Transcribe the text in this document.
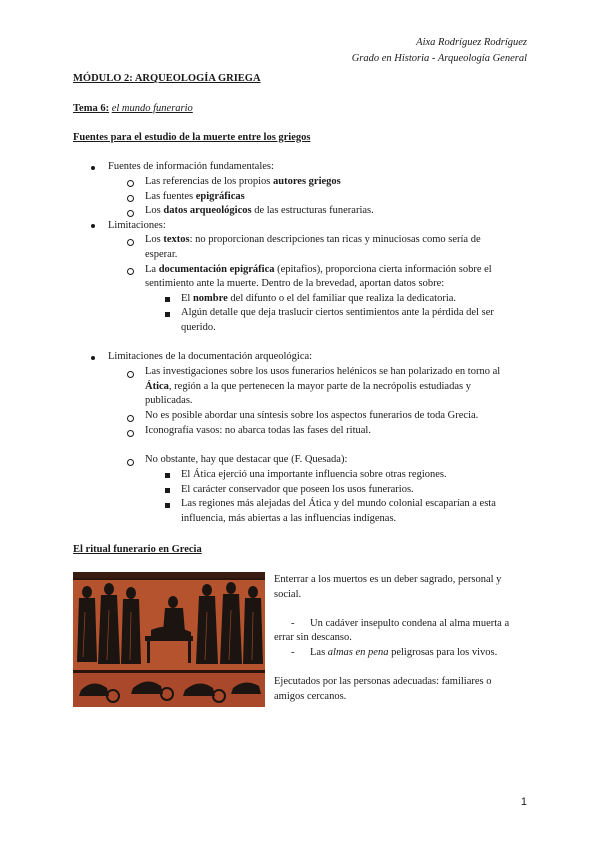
Aixa Rodríguez Rodríguez
Grado en Historia - Arqueología General
MÓDULO 2: ARQUEOLOGÍA GRIEGA
Tema 6: el mundo funerario
Fuentes para el estudio de la muerte entre los griegos
Fuentes de información fundamentales:
Las referencias de los propios autores griegos
Las fuentes epigráficas
Los datos arqueológicos de las estructuras funerarias.
Limitaciones:
Los textos: no proporcionan descripciones tan ricas y minuciosas como sería de
esperar.
La documentación epigráfica (epitafios), proporciona cierta información sobre el
sentimiento ante la muerte. Dentro de la brevedad, aportan datos sobre:
El nombre del difunto o el del familiar que realiza la dedicatoria.
Algún detalle que deja traslucir ciertos sentimientos ante la pérdida del ser
querido.
Limitaciones de la documentación arqueológica:
Las investigaciones sobre los usos funerarios helénicos se han polarizado en torno al
Ática, región a la que pertenecen la mayor parte de la necrópolis estudiadas y
publicadas.
No es posible abordar una síntesis sobre los aspectos funerarios de toda Grecia.
Iconografía vasos: no abarca todas las fases del ritual.
No obstante, hay que destacar que (F. Quesada):
El Ática ejerció una importante influencia sobre otras regiones.
El carácter conservador que poseen los usos funerarios.
Las regiones más alejadas del Ática y del mundo colonial escaparían a esta
influencia, más abiertas a las influencias indígenas.
El ritual funerario en Grecia
Enterrar a los muertos es un deber sagrado, personal y
social.
- Un cadáver insepulto condena al alma muerta a
errar sin descanso.
- Las almas en pena peligrosas para los vivos.
Ejecutados por las personas adecuadas: familiares o
amigos cercanos.
1
